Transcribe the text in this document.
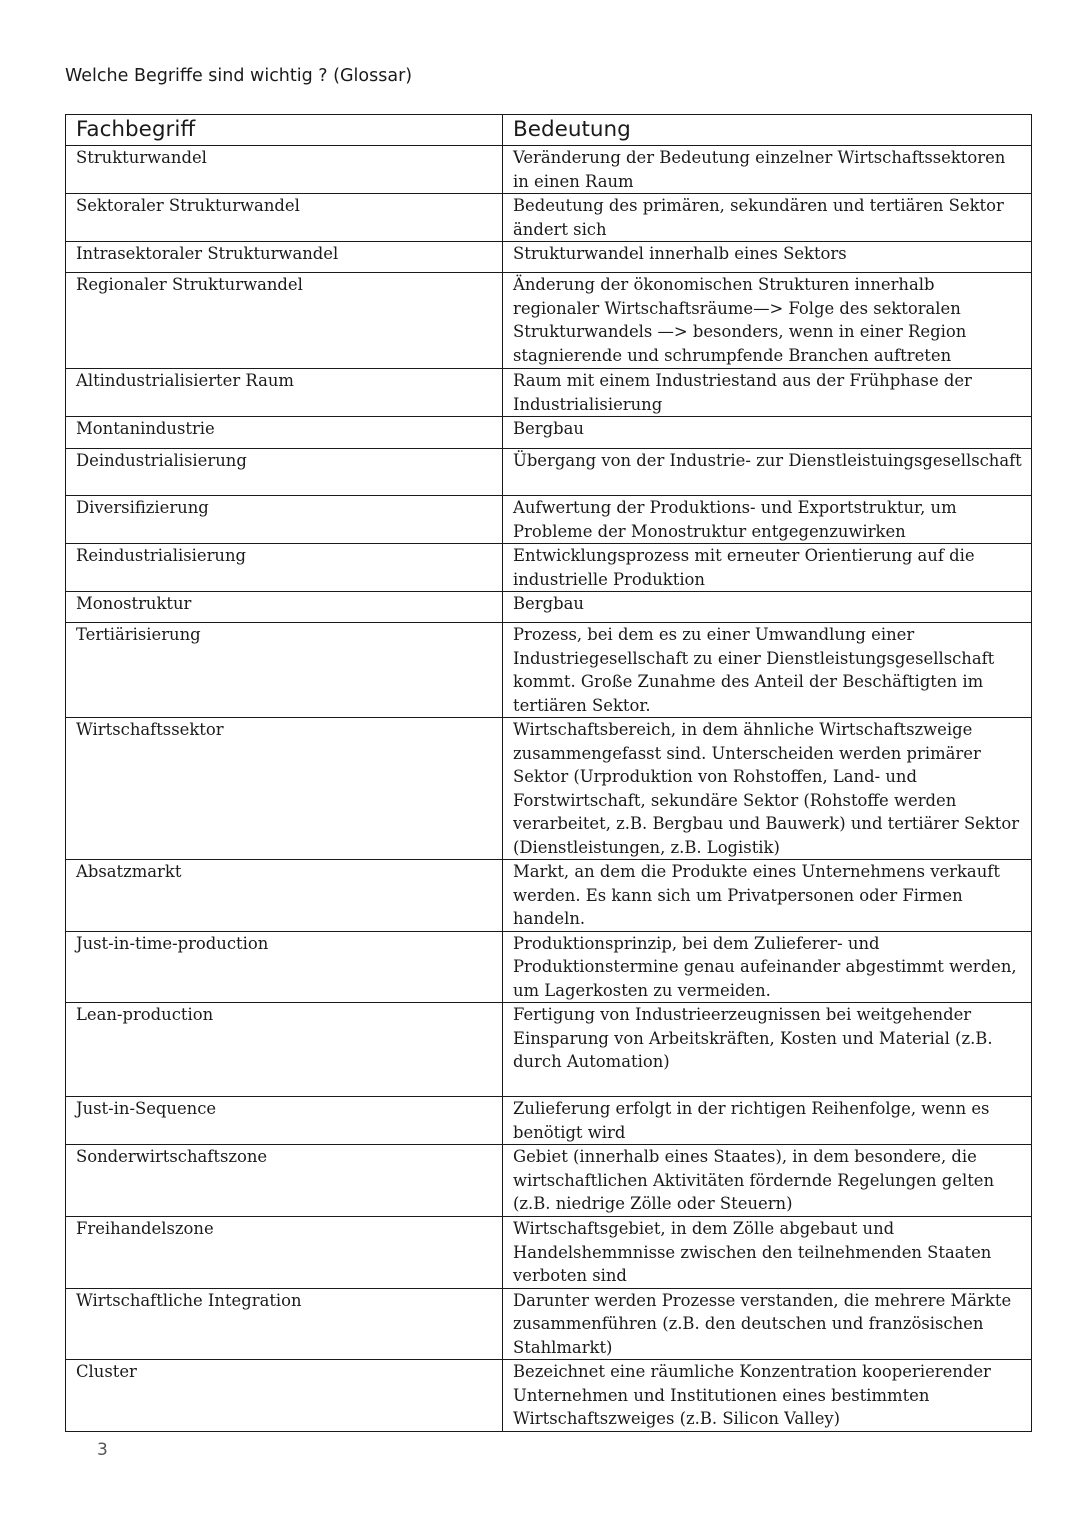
Welche Begriffe sind wichtig ? (Glossar)
Fachbegriff	Bedeutung
Strukturwandel	Veränderung der Bedeutung einzelner Wirtschaftssektoren in einen Raum
Sektoraler Strukturwandel	Bedeutung des primären, sekundären und tertiären Sektor ändert sich
Intrasektoraler Strukturwandel	Strukturwandel innerhalb eines Sektors
Regionaler Strukturwandel	Änderung der ökonomischen Strukturen innerhalb regionaler Wirtschaftsräume—> Folge des sektoralen Strukturwandels —> besonders, wenn in einer Region stagnierende und schrumpfende Branchen auftreten
Altindustrialisierter Raum	Raum mit einem Industriestand aus der Frühphase der Industrialisierung
Montanindustrie	Bergbau
Deindustrialisierung	Übergang von der Industrie- zur Dienstleistuingsgesellschaft
Diversifizierung	Aufwertung der Produktions- und Exportstruktur, um Probleme der Monostruktur entgegenzuwirken
Reindustrialisierung	Entwicklungsprozess mit erneuter Orientierung auf die industrielle Produktion
Monostruktur	Bergbau
Tertiärisierung	Prozess, bei dem es zu einer Umwandlung einer Industriegesellschaft zu einer Dienstleistungsgesellschaft kommt. Große Zunahme des Anteil der Beschäftigten im tertiären Sektor.
Wirtschaftssektor	Wirtschaftsbereich, in dem ähnliche Wirtschaftszweige zusammengefasst sind. Unterscheiden werden primärer Sektor (Urproduktion von Rohstoffen, Land- und Forstwirtschaft, sekundäre Sektor (Rohstoffe werden verarbeitet, z.B. Bergbau und Bauwerk) und tertiärer Sektor (Dienstleistungen, z.B. Logistik)
Absatzmarkt	Markt, an dem die Produkte eines Unternehmens verkauft werden. Es kann sich um Privatpersonen oder Firmen handeln.
Just-in-time-production	Produktionsprinzip, bei dem Zulieferer- und Produktionstermine genau aufeinander abgestimmt werden, um Lagerkosten zu vermeiden.
Lean-production	Fertigung von Industrieerzeugnissen bei weitgehender Einsparung von Arbeitskräften, Kosten und Material (z.B. durch Automation)
Just-in-Sequence	Zulieferung erfolgt in der richtigen Reihenfolge, wenn es benötigt wird
Sonderwirtschaftszone	Gebiet (innerhalb eines Staates), in dem besondere, die wirtschaftlichen Aktivitäten fördernde Regelungen gelten (z.B. niedrige Zölle oder Steuern)
Freihandelszone	Wirtschaftsgebiet, in dem Zölle abgebaut und Handelshemmnisse zwischen den teilnehmenden Staaten verboten sind
Wirtschaftliche Integration	Darunter werden Prozesse verstanden, die mehrere Märkte zusammenführen (z.B. den deutschen und französischen Stahlmarkt)
Cluster	Bezeichnet eine räumliche Konzentration kooperierender Unternehmen und Institutionen eines bestimmten Wirtschaftszweiges (z.B. Silicon Valley)
3
